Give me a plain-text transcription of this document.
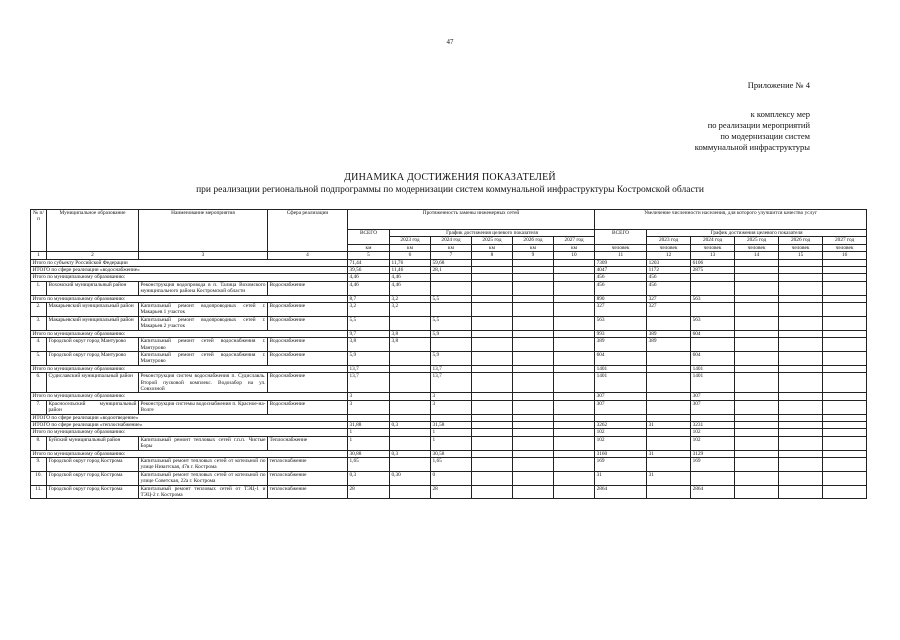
47
Приложение № 4
к комплексу мер
по реализации мероприятий
по модернизации систем
коммунальной инфраструктуры
ДИНАМИКА ДОСТИЖЕНИЯ ПОКАЗАТЕЛЕЙ
при реализации региональной подпрограммы по модернизации систем коммунальной инфраструктуры Костромской области
№ п/п	Муниципальное образование	Наименование мероприятия	Сфера реализации	Протяженность замены инженерных сетей						Увеличение численности населения, для которого улучшится качество услуг					
				ВСЕГО	График достижения целевого показателя					ВСЕГО	График достижения целевого показателя				
					2023 год	2024 год	2025 год	2026 год	2027 год		2023 год	2024 год	2025 год	2026 год	2027 год
				км	км	км	км	км	км	человек	человек	человек	человек	человек	человек
1	2	3	4	5	6	7	8	9	10	11	12	13	14	15	16
Итого по субъекту Российской Федерации				71,44	11,76	59,68				7309	1203	6106			
ИТОГО по сфере реализации «водоснабжение»				39,56	11,46	28,1				4047	1172	2875			
Итого по муниципальному образованию:				4,46	4,46					456	456				
1.	Вохомский муниципальный район	Реконструкция водопровода в п. Талица Вохомского муниципального района Костромской области	Водоснабжение	4,46	4,46					456	456				
Итого по муниципальному образованию:				8,7	3,2	5,5				890	327	563			
2.	Макарьевский муниципальный район	Капитальный ремонт водопроводных сетей г. Макарьев 1 участок	Водоснабжение	3,2	3,2					327	327				
3.	Макарьевский муниципальный район	Капитальный ремонт водопроводных сетей г. Макарьев 2 участок	Водоснабжение	5,5		5,5				563		563			
Итого по муниципальному образованию:				9,7	3,8	5,9				993	389	604			
4.	Городской округ город Мантурово	Капитальный ремонт сетей водоснабжения г. Мантурово	Водоснабжение	3,8	3,8					389	389				
5.	Городской округ город Мантурово	Капитальный ремонт сетей водоснабжения г. Мантурово	Водоснабжение	5,9		5,9				604		604			
Итого по муниципальному образованию:				13,7		13,7				1401		1401			
6.	Судиславский муниципальный район	Реконструкция систем водоснабжения п. Судиславль. Второй пусковой комплекс. Водозабор на ул. Совхозной	Водоснабжение	13,7		13,7				1401		1401			
Итого по муниципальному образованию:				3		3				307		307			
7.	Красносельский муниципальный район	Реконструкция системы водоснабжения п. Красное-на-Волге	Водоснабжение	3		3				307		307			
ИТОГО по сфере реализации «водоотведение»															
ИТОГО по сфере реализации «теплоснабжение»				31,88	0,3	31,58				3262	31	3231			
Итого по муниципальному образованию:				1		1				102		102			
8.	Буйский муниципальный район	Капитальный ремонт тепловых сетей г.п.п. Чистые Боры	Теплоснабжение	1		1				102		102			
Итого по муниципальному образованию:				30,88	0,3	30,58				3160	31	3129			
9.	Городской округ город Кострома	Капитальный ремонт тепловых сетей от котельной по улице Никитская, 47в г. Кострома	теплоснабжение	1,65		1,65				169		169			
10.	Городской округ город Кострома	Капитальный ремонт тепловых сетей от котельной по улице Советская, 22а г. Кострома	теплоснабжение	0,3	0,30	0				31	31				
11.	Городской округ город Кострома	Капитальный ремонт тепловых сетей от ТЭЦ-1 и ТЭЦ-2 г. Кострома	теплоснабжение	28		28				2864		2864			
